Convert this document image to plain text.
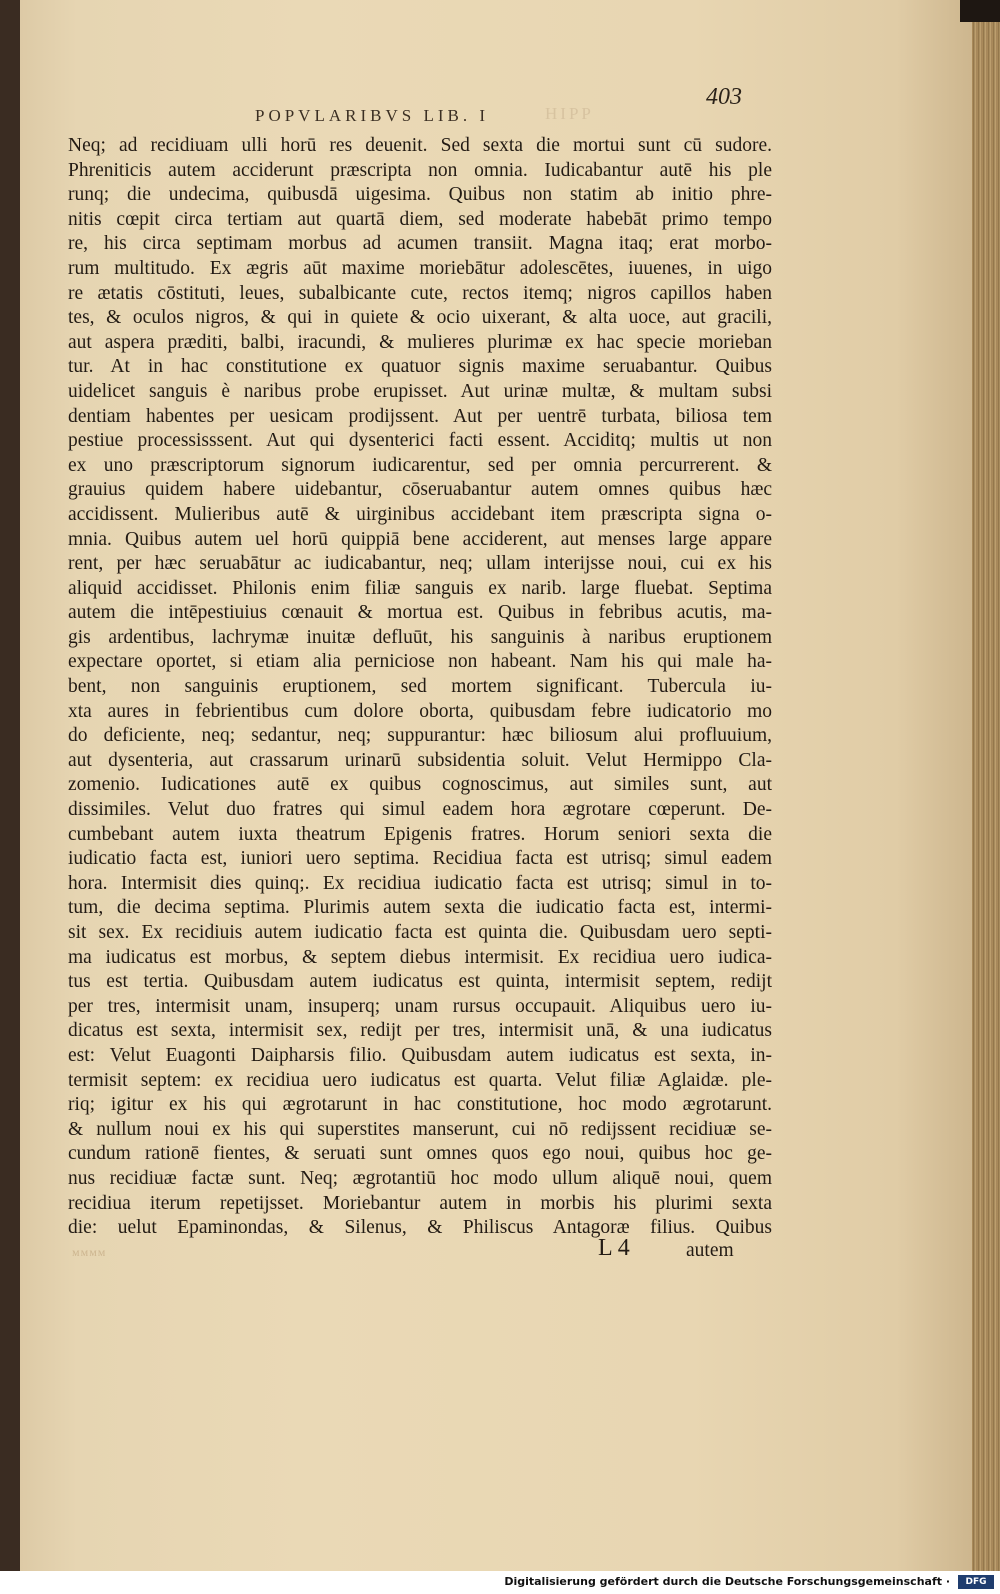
HIPP
POPVLARIBVS LIB. I
403
Neq; ad recidiuam ulli horū res deuenit. Sed sexta die mortui sunt cū sudore.
Phreniticis autem acciderunt præscripta non omnia. Iudicabantur autē his ple
runq; die undecima, quibusdā uigesima. Quibus non statim ab initio phre-
nitis cœpit circa tertiam aut quartā diem, sed moderate habebāt primo tempo
re, his circa septimam morbus ad acumen transiit. Magna itaq; erat morbo-
rum multitudo. Ex ægris aūt maxime moriebātur adolescētes, iuuenes, in uigo
re ætatis cōstituti, leues, subalbicante cute, rectos itemq; nigros capillos haben
tes, & oculos nigros, & qui in quiete & ocio uixerant, & alta uoce, aut gracili,
aut aspera præditi, balbi, iracundi, & mulieres plurimæ ex hac specie morieban
tur. At in hac constitutione ex quatuor signis maxime seruabantur. Quibus
uidelicet sanguis è naribus probe erupisset. Aut urinæ multæ, & multam subsi
dentiam habentes per uesicam prodijssent. Aut per uentrē turbata, biliosa tem
pestiue processisssent. Aut qui dysenterici facti essent. Acciditq; multis ut non
ex uno præscriptorum signorum iudicarentur, sed per omnia percurrerent. &
grauius quidem habere uidebantur, cōseruabantur autem omnes quibus hæc
accidissent. Mulieribus autē & uirginibus accidebant item præscripta signa o-
mnia. Quibus autem uel horū quippiā bene acciderent, aut menses large appare
rent, per hæc seruabātur ac iudicabantur, neq; ullam interijsse noui, cui ex his
aliquid accidisset. Philonis enim filiæ sanguis ex narib. large fluebat. Septima
autem die intēpestiuius cœnauit & mortua est. Quibus in febribus acutis, ma-
gis ardentibus, lachrymæ inuitæ defluūt, his sanguinis à naribus eruptionem
expectare oportet, si etiam alia perniciose non habeant. Nam his qui male ha-
bent, non sanguinis eruptionem, sed mortem significant. Tubercula iu-
xta aures in febrientibus cum dolore oborta, quibusdam febre iudicatorio mo
do deficiente, neq; sedantur, neq; suppurantur: hæc biliosum alui profluuium,
aut dysenteria, aut crassarum urinarū subsidentia soluit. Velut Hermippo Cla-
zomenio. Iudicationes autē ex quibus cognoscimus, aut similes sunt, aut
dissimiles. Velut duo fratres qui simul eadem hora ægrotare cœperunt. De-
cumbebant autem iuxta theatrum Epigenis fratres. Horum seniori sexta die
iudicatio facta est, iuniori uero septima. Recidiua facta est utrisq; simul eadem
hora. Intermisit dies quinq;. Ex recidiua iudicatio facta est utrisq; simul in to-
tum, die decima septima. Plurimis autem sexta die iudicatio facta est, intermi-
sit sex. Ex recidiuis autem iudicatio facta est quinta die. Quibusdam uero septi-
ma iudicatus est morbus, & septem diebus intermisit. Ex recidiua uero iudica-
tus est tertia. Quibusdam autem iudicatus est quinta, intermisit septem, redijt
per tres, intermisit unam, insuperq; unam rursus occupauit. Aliquibus uero iu-
dicatus est sexta, intermisit sex, redijt per tres, intermisit unā, & una iudicatus
est: Velut Euagonti Daipharsis filio. Quibusdam autem iudicatus est sexta, in-
termisit septem: ex recidiua uero iudicatus est quarta. Velut filiæ Aglaidæ. ple-
riq; igitur ex his qui ægrotarunt in hac constitutione, hoc modo ægrotarunt.
& nullum noui ex his qui superstites manserunt, cui nō redijssent recidiuæ se-
cundum rationē fientes, & seruati sunt omnes quos ego noui, quibus hoc ge-
nus recidiuæ factæ sunt. Neq; ægrotantiū hoc modo ullum aliquē noui, quem
recidiua iterum repetijsset. Moriebantur autem in morbis his plurimi sexta
die: uelut Epaminondas, & Silenus, & Philiscus Antagoræ filius. Quibus
ᴍᴍᴍᴍ	L 4	autem
Digitalisierung gefördert durch die Deutsche Forschungsgemeinschaft ·	DFG
